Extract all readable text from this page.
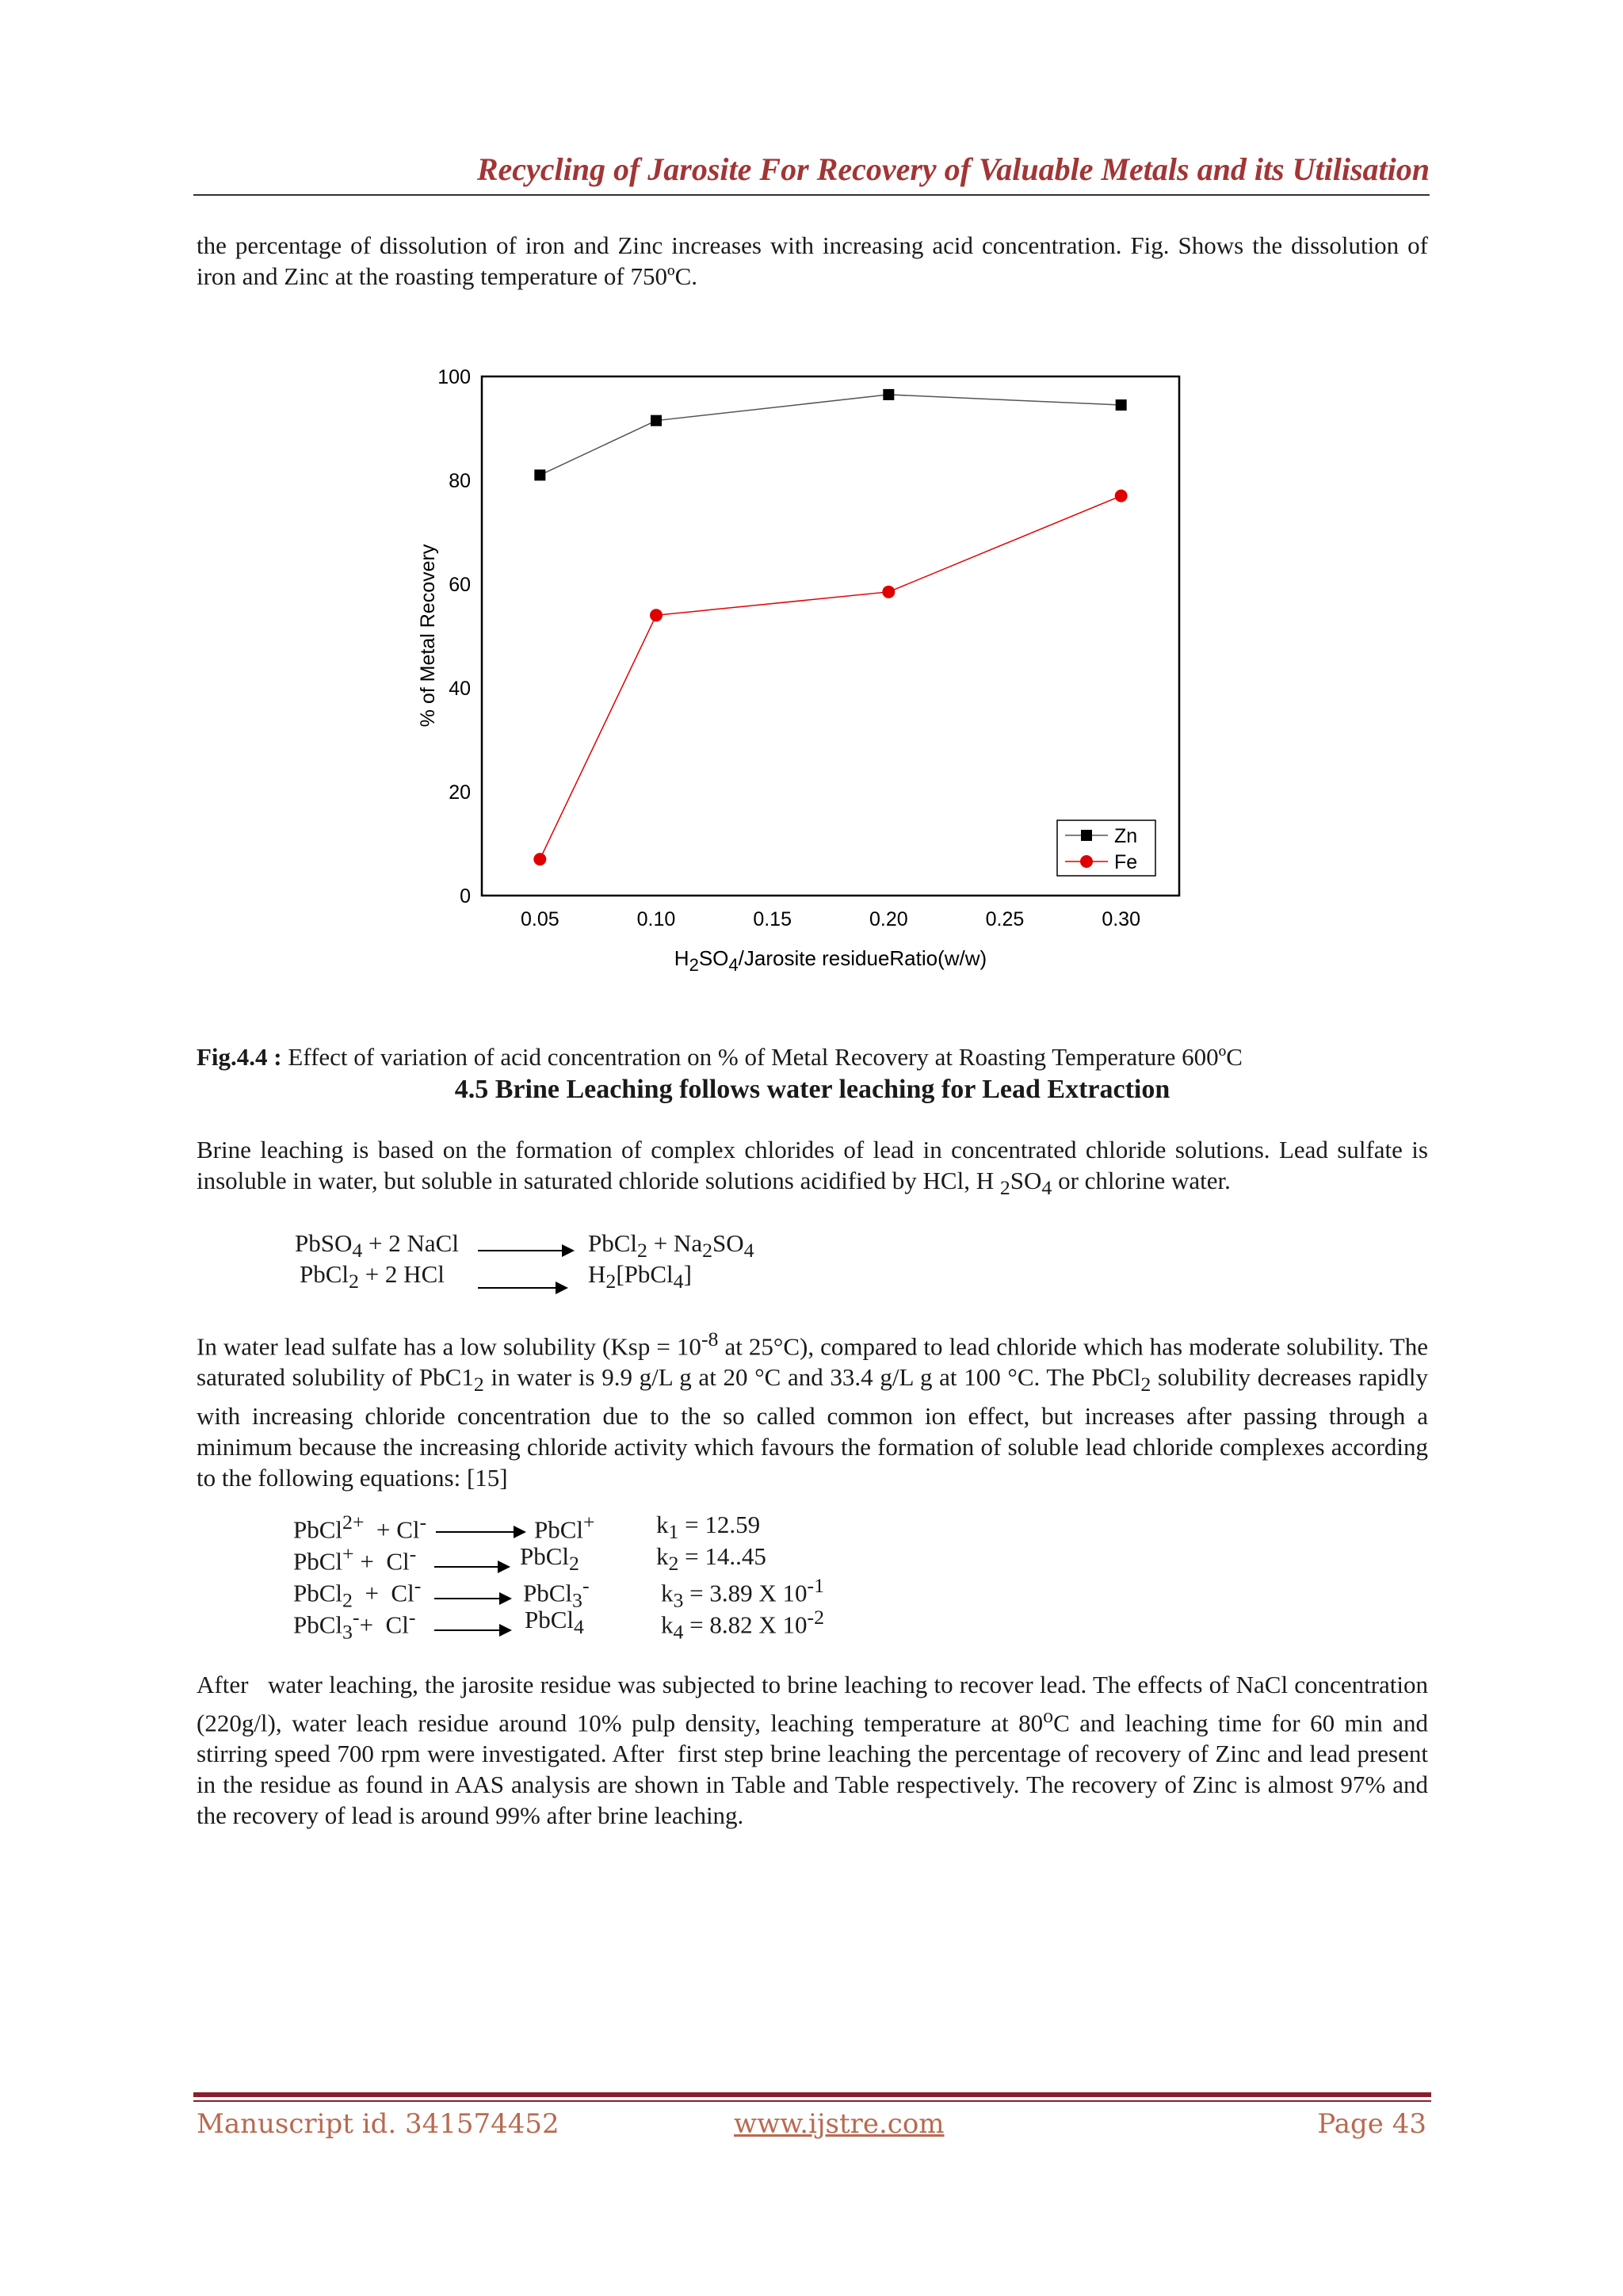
Recycling of Jarosite For Recovery of Valuable Metals and its Utilisation

the percentage of dissolution of iron and Zinc increases with increasing acid concentration. Fig. Shows the dissolution of iron and Zinc at the roasting temperature of 750ºC.

0
20
40
60
80
100
0.05	0.10	0.15	0.20	0.25	0.30
% of Metal Recovery
$H_2SO_4$/Jarosite residueRatio(w/w)
Zn
Fe
Fig.4.4 : Effect of variation of acid concentration on % of Metal Recovery at Roasting Temperature 600ºC
4.5 Brine Leaching follows water leaching for Lead Extraction

Brine leaching is based on the formation of complex chlorides of lead in concentrated chloride solutions. Lead sulfate is insoluble in water, but soluble in saturated chloride solutions acidified by HCl, H $_2SO_4$ or chlorine water.

PbSO$_4$ + 2 NaCl	PbCl$_2$ + $Na_2SO_4$
PbCl$_2$ + 2 HCl	$H_2[PbCl_4]$

In water lead sulfate has a low solubility ($Ksp = 10^{-8}$ at 25°C), compared to lead chloride which has moderate solubility. The saturated solubility of $PbC1_2$ in water is 9.9 g/L g at 20 °C and 33.4 g/L g at 100 °C. The PbCl$_2$ solubility decreases rapidly with increasing chloride concentration due to the so called common ion effect, but increases after passing through a minimum because the increasing chloride activity which favours the formation of soluble lead chloride complexes according to the following equations: [15]

PbCl$^{2+}$  + Cl-	PbCl+ $k_1 = 12.59$
PbCl+ +  Cl-	PbCl$_2$	$k_2 = 14..45$
PbCl$_2$  +  Cl-	PbCl$_3$-	$k_3 = 3.89$ X $10^{-1}$
PbCl$_3$-+  Cl-	PbCl$_4$	$k_4 = 8.82$ X $10^{-2}$

After   water leaching, the jarosite residue was subjected to brine leaching to recover lead. The effects of NaCl concentration (220g/l), water leach residue around 10% pulp density, leaching temperature at 80$^o$C and leaching time for 60 min and stirring speed 700 rpm were investigated. After  first step brine leaching the percentage of recovery of Zinc and lead present in the residue as found in AAS analysis are shown in Table and Table respectively. The recovery of Zinc is almost 97% and the recovery of lead is around 99% after brine leaching.

Manuscript id. 341574452	www.ijstre.com	Page 43
